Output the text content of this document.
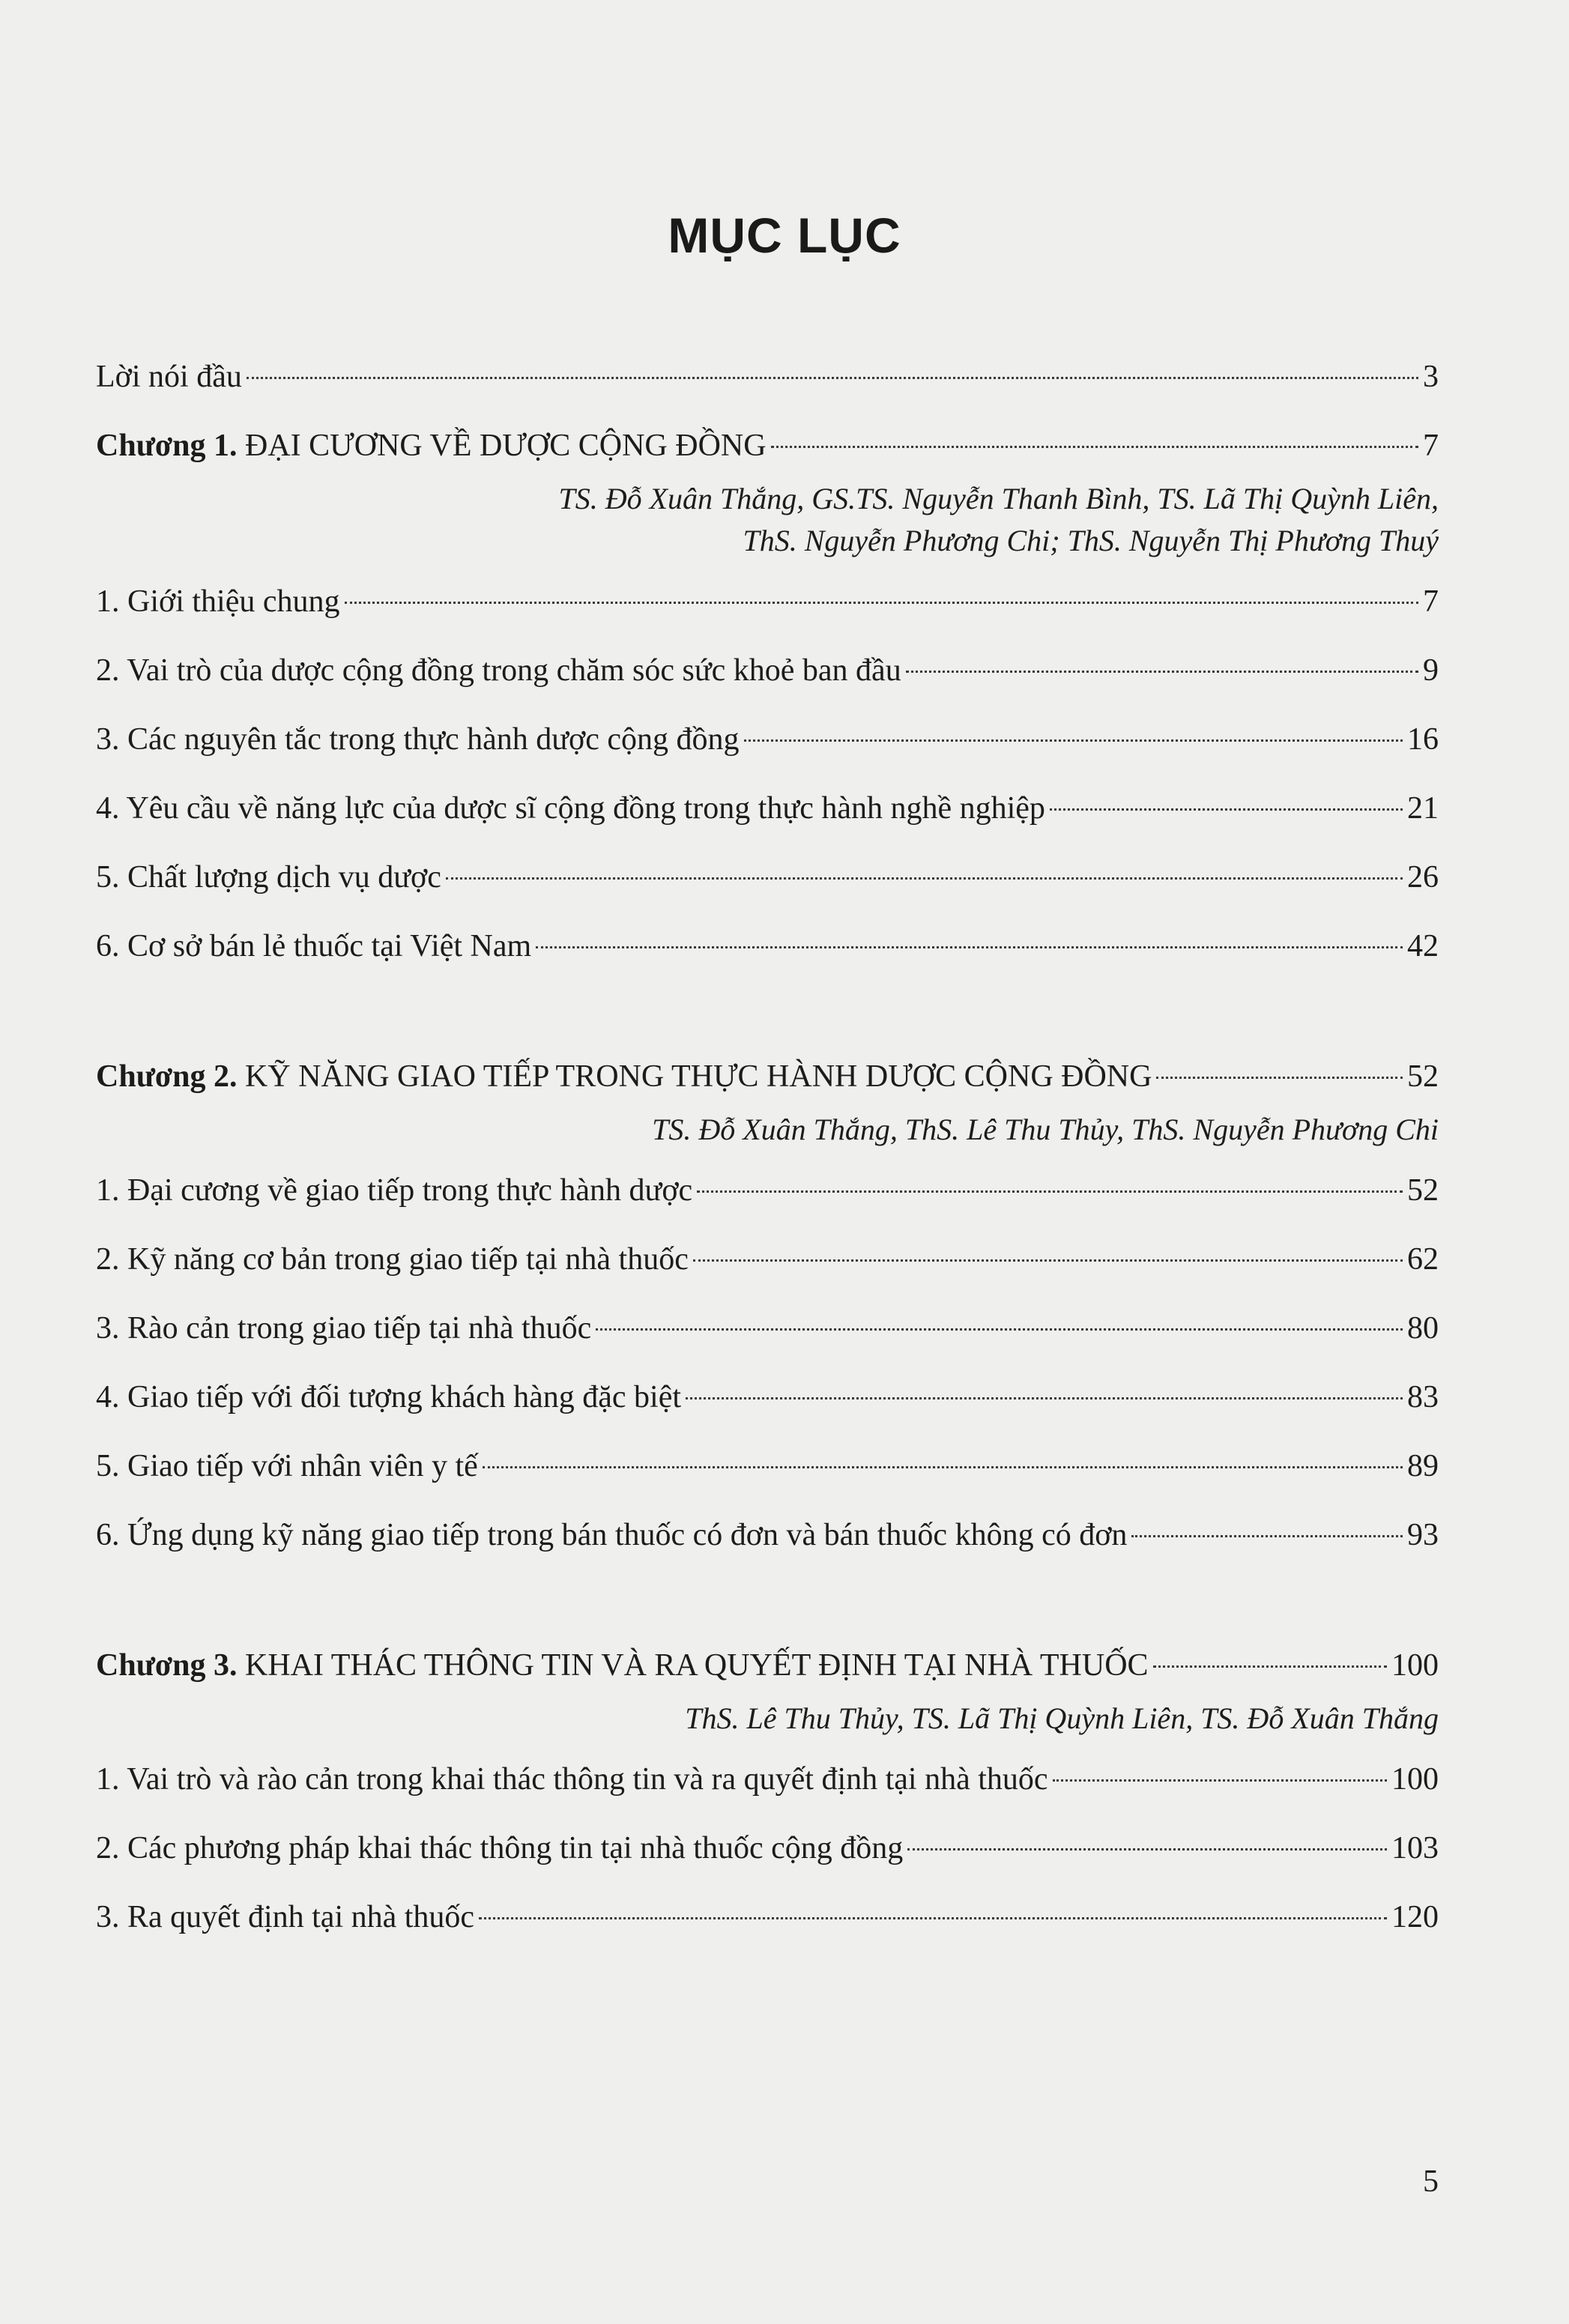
MỤC LỤC
Lời nói đầu	3
Chương 1. ĐẠI CƯƠNG VỀ DƯỢC CỘNG ĐỒNG	7
TS. Đỗ Xuân Thắng, GS.TS. Nguyễn Thanh Bình, TS. Lã Thị Quỳnh Liên,
ThS. Nguyễn Phương Chi; ThS. Nguyễn Thị Phương Thuý
1. Giới thiệu chung	7
2. Vai trò của dược cộng đồng trong chăm sóc sức khoẻ ban đầu	9
3. Các nguyên tắc trong thực hành dược cộng đồng	16
4. Yêu cầu về năng lực của dược sĩ cộng đồng trong thực hành nghề nghiệp	21
5. Chất lượng dịch vụ dược	26
6. Cơ sở bán lẻ thuốc tại Việt Nam	42
Chương 2. KỸ NĂNG GIAO TIẾP TRONG THỰC HÀNH DƯỢC CỘNG ĐỒNG	52
TS. Đỗ Xuân Thắng, ThS. Lê Thu Thủy, ThS. Nguyễn Phương Chi
1. Đại cương về giao tiếp trong thực hành dược	52
2. Kỹ năng cơ bản trong giao tiếp tại nhà thuốc	62
3. Rào cản trong giao tiếp tại nhà thuốc	80
4. Giao tiếp với đối tượng khách hàng đặc biệt	83
5. Giao tiếp với nhân viên y tế	89
6. Ứng dụng kỹ năng giao tiếp trong bán thuốc có đơn và bán thuốc không có đơn	93
Chương 3. KHAI THÁC THÔNG TIN VÀ RA QUYẾT ĐỊNH TẠI NHÀ THUỐC	100
ThS. Lê Thu Thủy, TS. Lã Thị Quỳnh Liên, TS. Đỗ Xuân Thắng
1. Vai trò và rào cản trong khai thác thông tin và ra quyết định tại nhà thuốc	100
2. Các phương pháp khai thác thông tin tại nhà thuốc cộng đồng	103
3. Ra quyết định tại nhà thuốc	120
5
